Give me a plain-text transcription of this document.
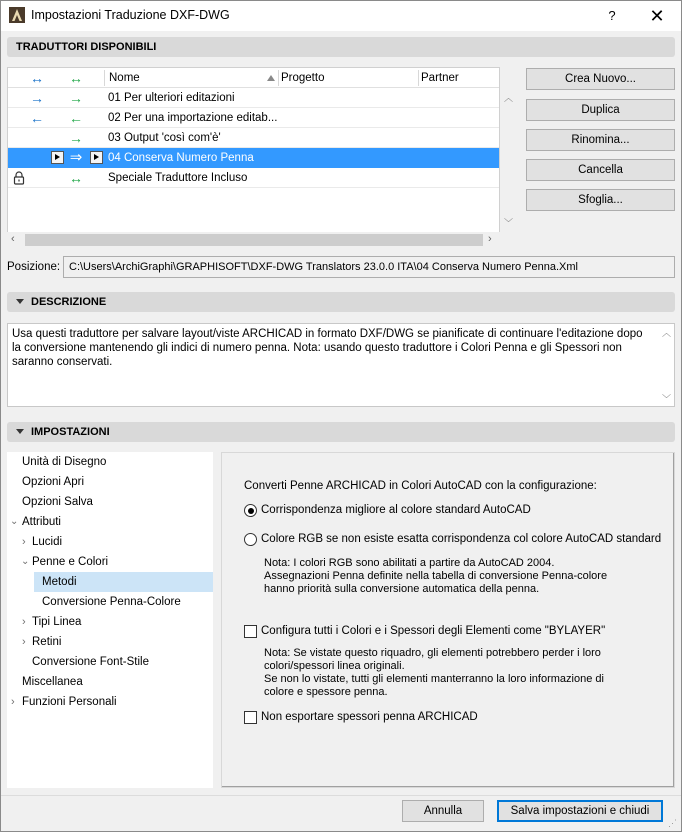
Impostazioni Traduzione DXF-DWG	?	✕
TRADUTTORI DISPONIBILI
↔ ↔ Nome	Progetto	Partner
→ → 01 Per ulteriori editazioni
← ← 02 Per una importazione editab...
→ 03 Output 'così com'è'
⇒	04 Conserva Numero Penna
↔ Speciale Traduttore Incluso
︿
﹀
‹	›
Crea Nuovo...
Duplica
Rinomina...
Cancella
Sfoglia...
Posizione: C:\Users\ArchiGraphi\GRAPHISOFT\DXF-DWG Translators 23.0.0 ITA\04 Conserva Numero Penna.Xml
DESCRIZIONE
Usa questi traduttore per salvare layout/viste ARCHICAD in formato DXF/DWG se pianificate di continuare l'editazione dopo la conversione mantenendo gli indici di numero penna. Nota: usando questo traduttore i Colori Penna e gli Spessori non saranno conservati.
︿
﹀
IMPOSTAZIONI
Unità di Disegno
Opzioni Apri
Opzioni Salva
⌄ Attributi
› Lucidi
⌄ Penne e Colori
Metodi
Conversione Penna-Colore
› Tipi Linea
› Retini
Conversione Font-Stile
Miscellanea
› Funzioni Personali
Converti Penne ARCHICAD in Colori AutoCAD con la configurazione:
Corrispondenza migliore al colore standard AutoCAD
Colore RGB se non esiste esatta corrispondenza col colore AutoCAD standard
Nota: I colori RGB sono abilitati a partire da AutoCAD 2004.
Assegnazioni Penna definite nella tabella di conversione Penna-colore
hanno priorità sulla conversione automatica della penna.
Configura tutti i Colori e i Spessori degli Elementi come "BYLAYER"
Nota: Se vistate questo riquadro, gli elementi potrebbero perder i loro
colori/spessori linea originali.
Se non lo vistate, tutti gli elementi manterranno la loro informazione di
colore e spessore penna.
Non esportare spessori penna ARCHICAD
Annulla	Salva impostazioni e chiudi
⋰
